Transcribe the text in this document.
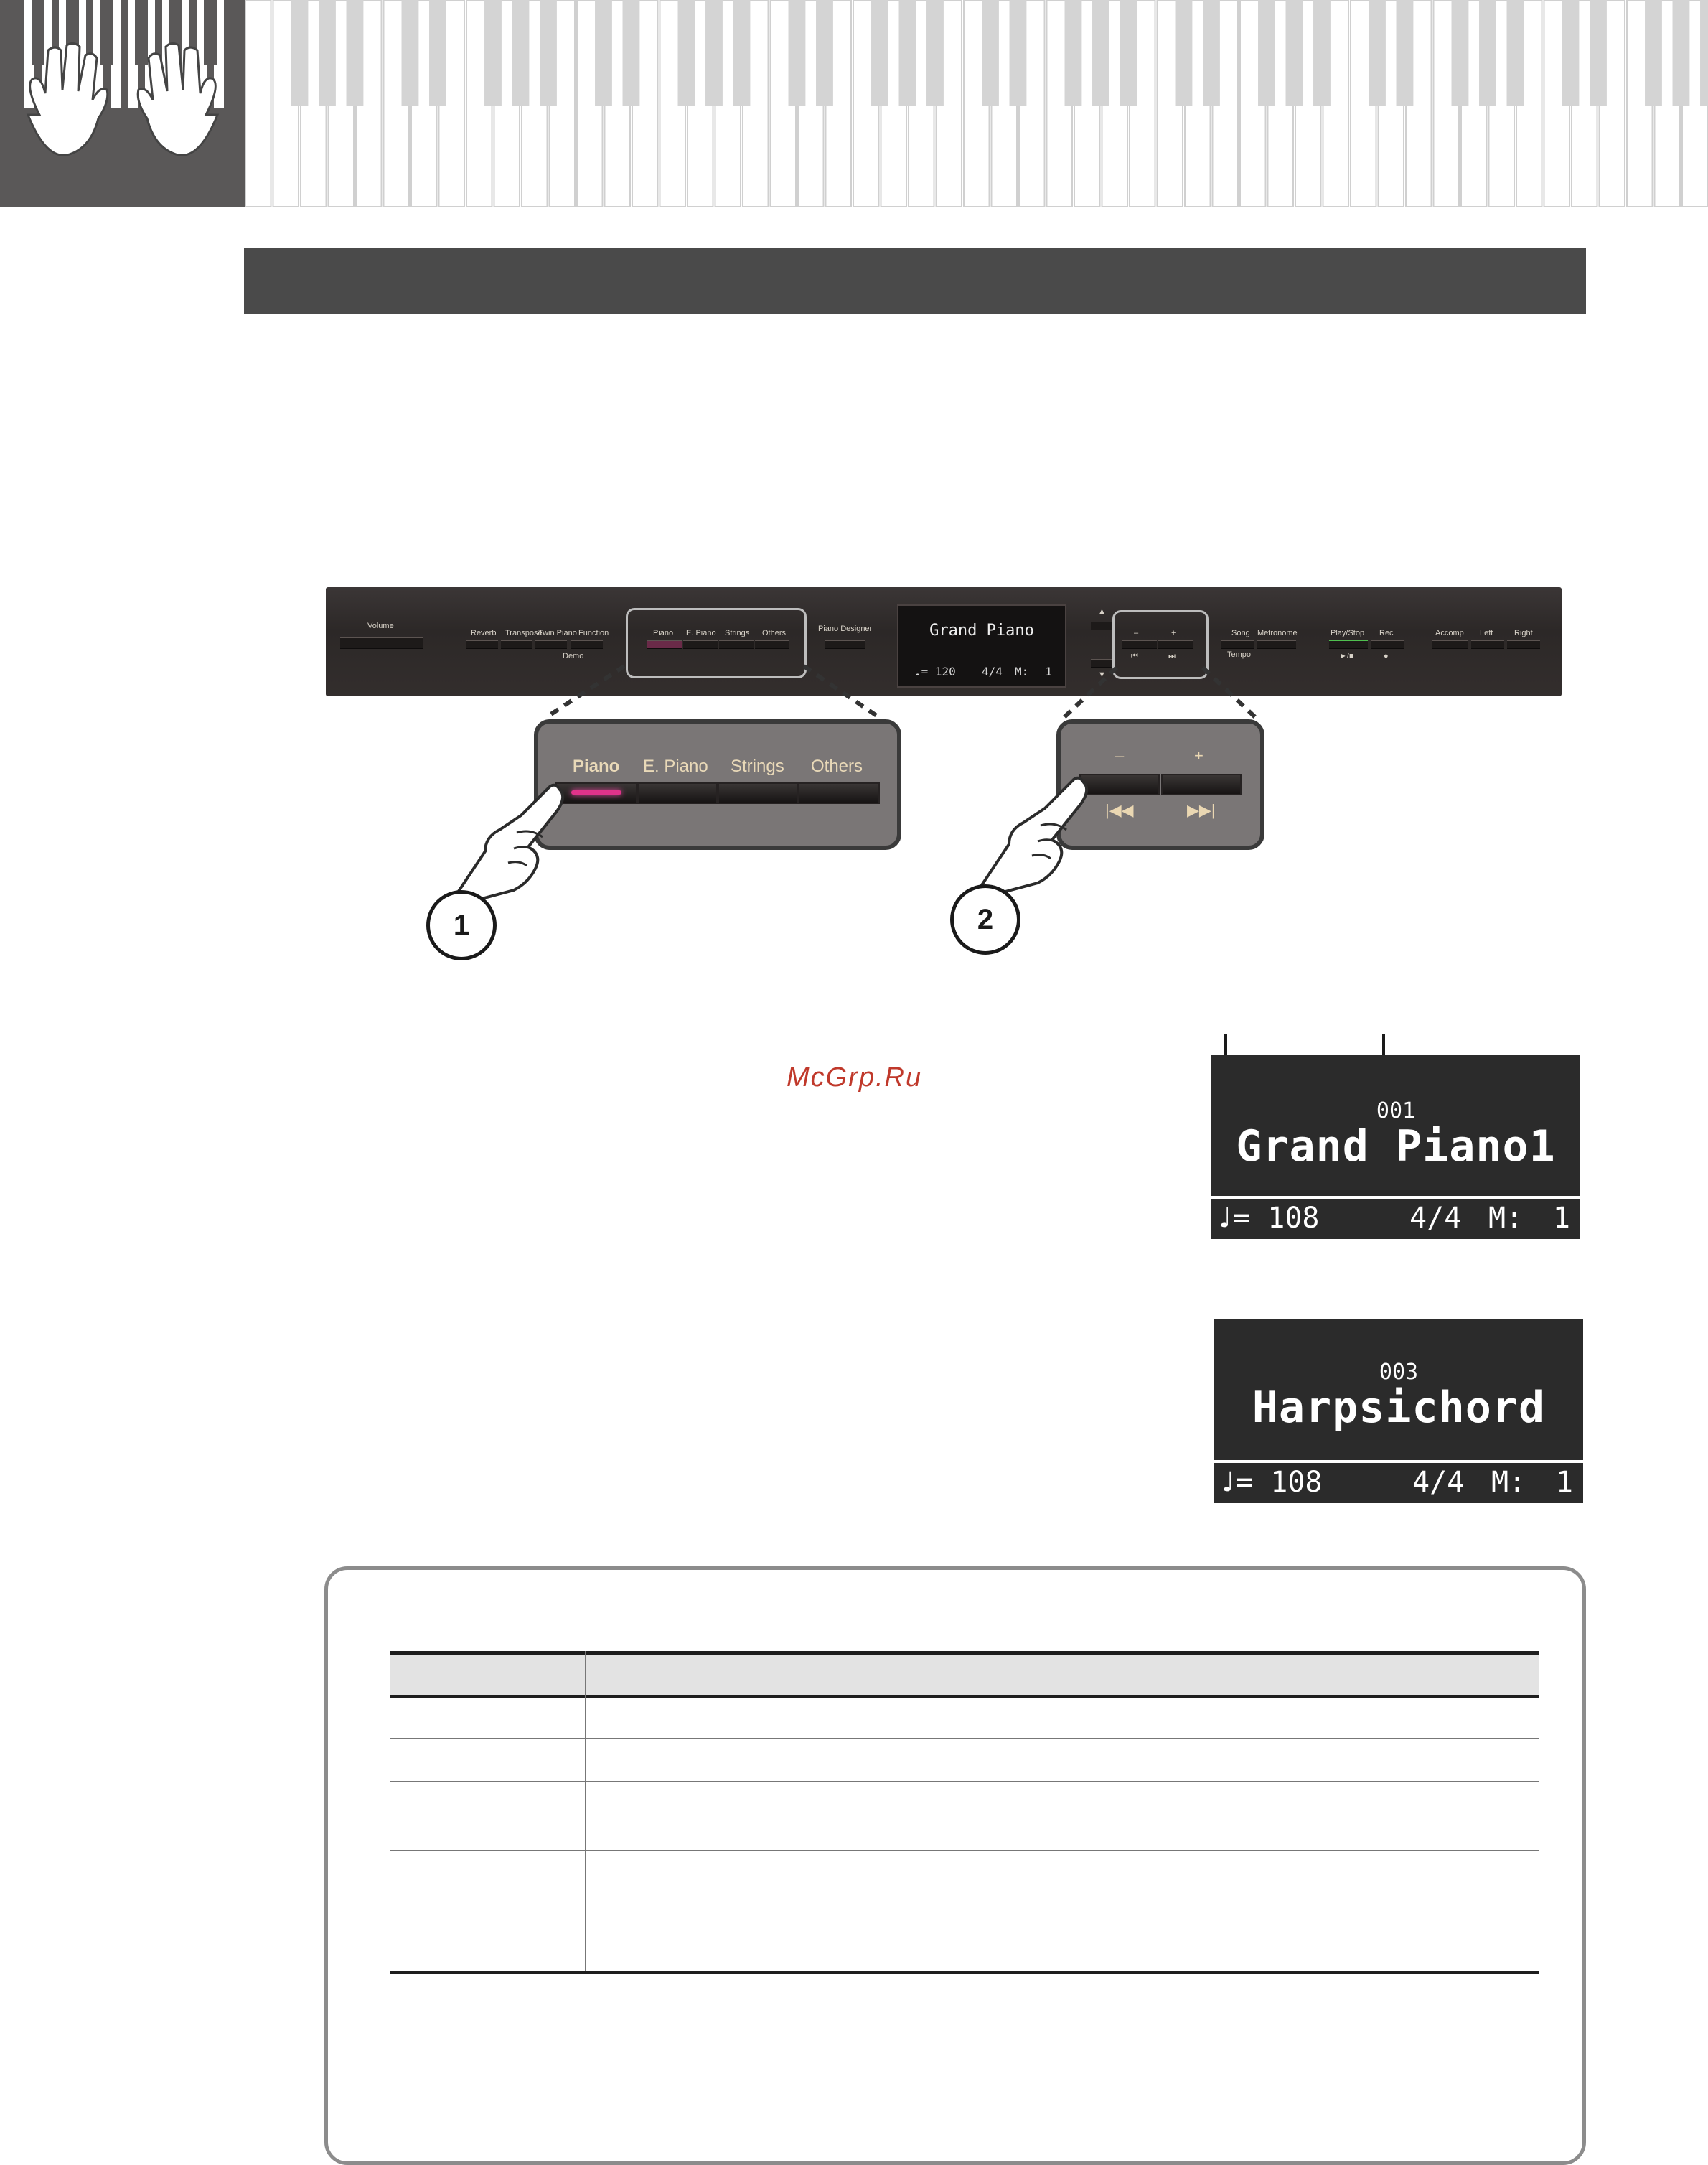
Volume
Reverb Transpose
Twin Piano Function
Demo
Piano E. Piano Strings Others	Piano Designer	Grand Piano
♩= 120 4/4 M: 1
▲
▼
–	+
⏮	⏭
Song Metronome
Tempo
Play/Stop Rec
►/■	●
Accomp Left	Right
Piano E. Piano Strings Others
–	+
|◀◀	▶▶|
1	2
McGrp.Ru
001
Grand Piano1
♩= 108	4/4 M: 1
003
Harpsichord
♩= 108	4/4 M: 1
